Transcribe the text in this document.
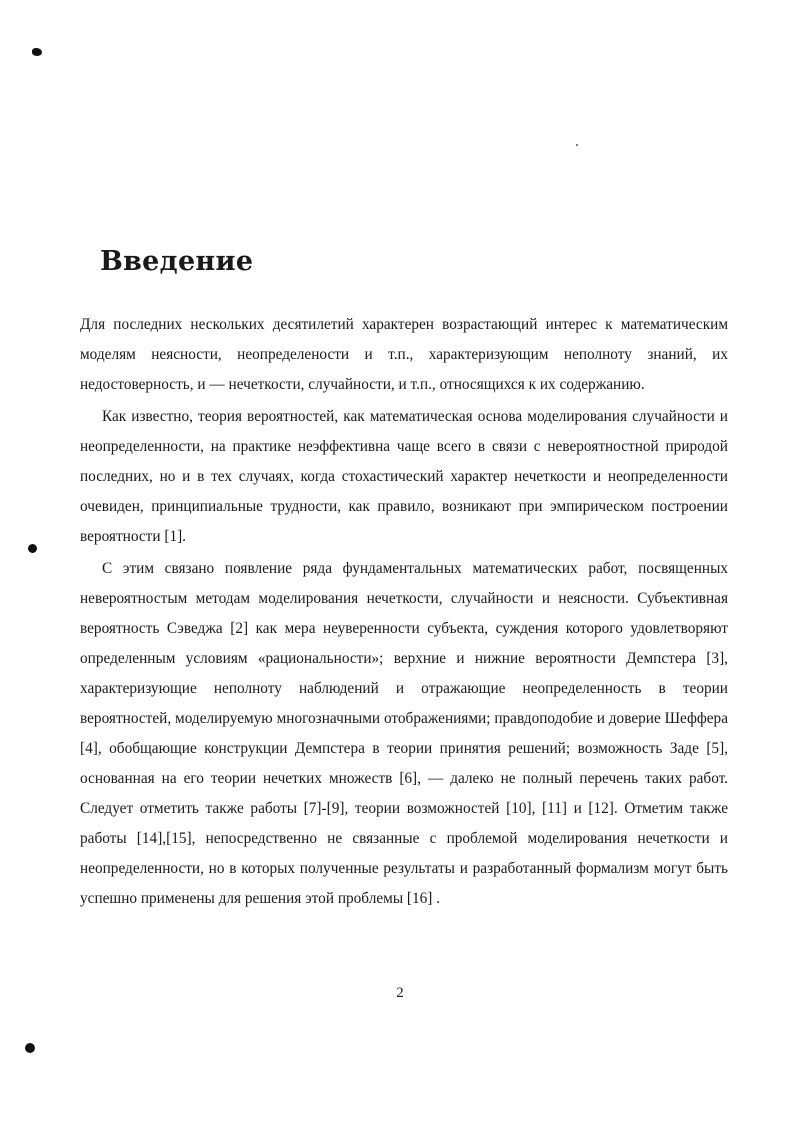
Введение

Для последних нескольких десятилетий характерен возрастающий интерес к математическим моделям неясности, неопределености и т.п., характеризующим неполноту знаний, их недостоверность, и — нечеткости, случайности, и т.п., относящихся к их содержанию.

Как известно, теория вероятностей, как математическая основа моделирования случайности и неопределенности, на практике неэффективна чаще всего в связи с невероятностной природой последних, но и в тех случаях, когда стохастический характер нечеткости и неопределенности очевиден, принципиальные трудности, как правило, возникают при эмпирическом построении вероятности [1].

С этим связано появление ряда фундаментальных математических работ, посвященных невероятностым методам моделирования нечеткости, случайности и неясности. Субъективная вероятность Сэведжа [2] как мера неуверенности субъекта, суждения которого удовлетворяют определенным условиям «рациональности»; верхние и нижние вероятности Демпстера [3], характеризующие неполноту наблюдений и отражающие неопределенность в теории вероятностей, моделируемую многозначными отображениями; правдоподобие и доверие Шеффера [4], обобщающие конструкции Демпстера в теории принятия решений; возможность Заде [5], основанная на его теории нечетких множеств [6], — далеко не полный перечень таких работ. Следует отметить также работы [7]-[9], теории возможностей [10], [11] и [12]. Отметим также работы [14],[15], непосредственно не связанные с проблемой моделирования нечеткости и неопределенности, но в которых полученные результаты и разработанный формализм могут быть успешно применены для решения этой проблемы [16] .

2
